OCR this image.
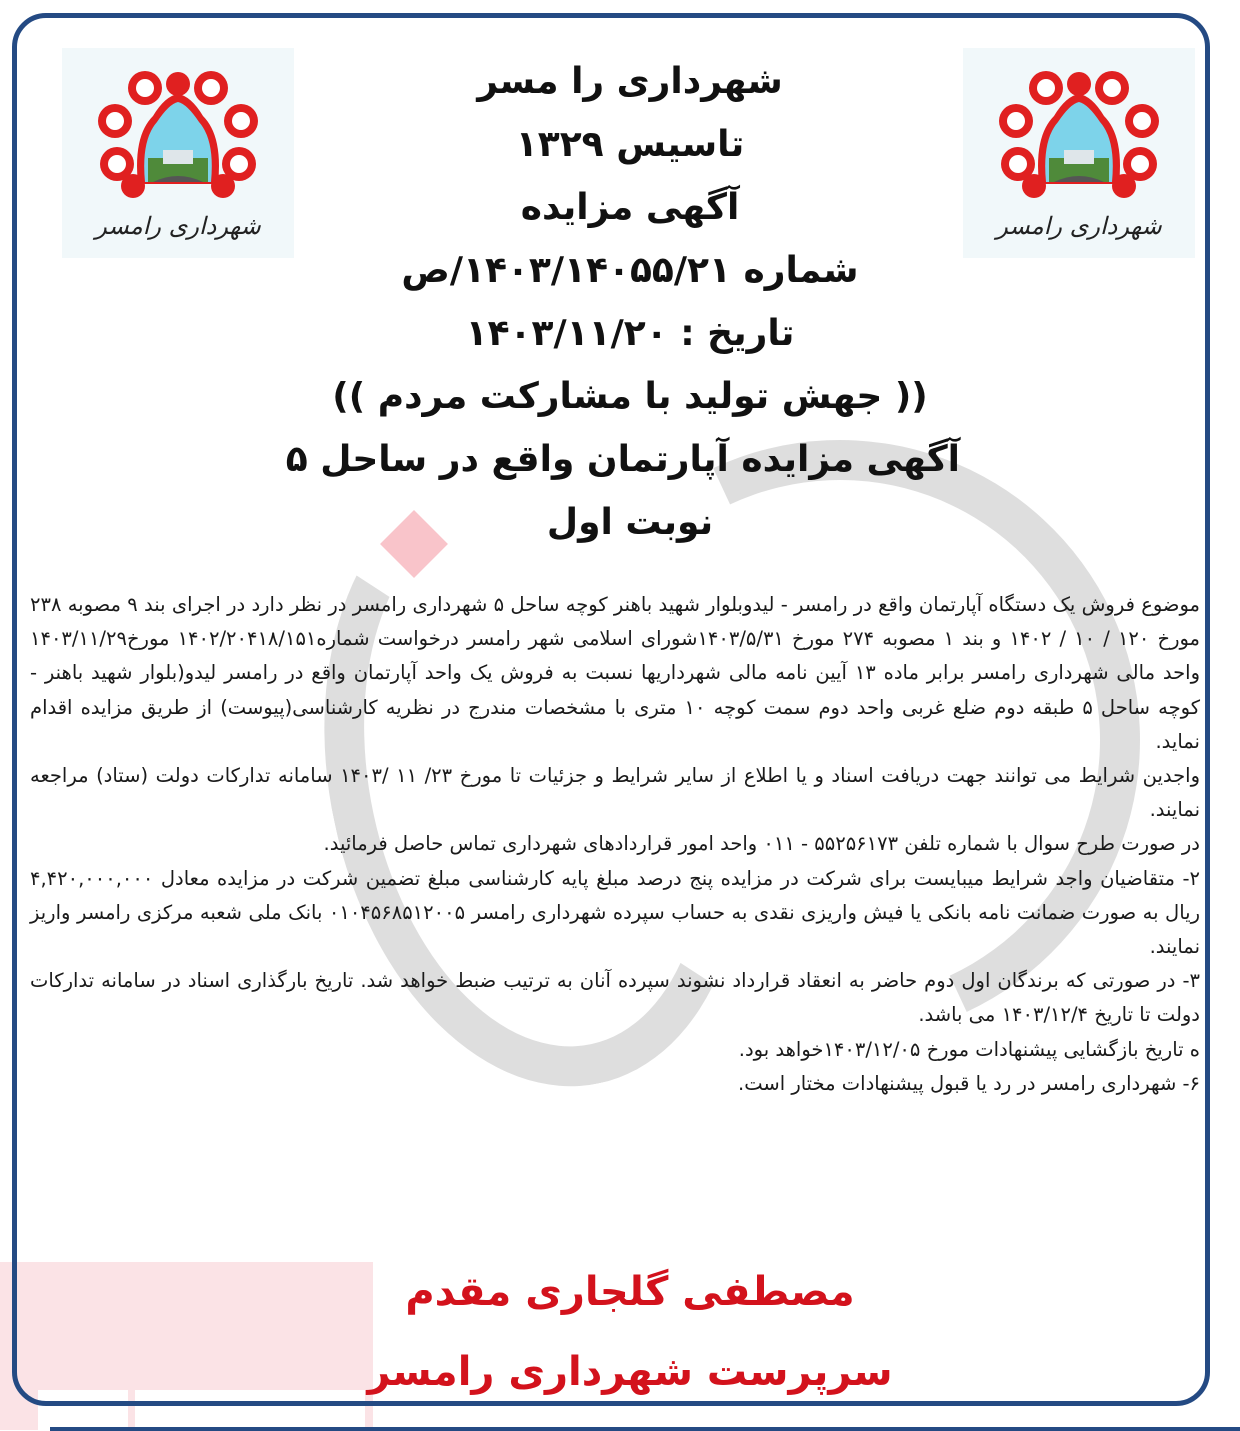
شهرداری رامسر	شهرداری رامسر
شهرداری را مسر
تاسیس ۱۳۲۹
آگهی مزایده
شماره ۱۴۰۳/۱۴۰۵۵/۲۱/ص
تاریخ : ۱۴۰۳/۱۱/۲۰
(( جهش تولید با مشارکت مردم ))
آگهی مزایده آپارتمان واقع در ساحل ۵
نوبت اول

موضوع فروش یک دستگاه آپارتمان واقع در رامسر - لیدوبلوار شهید باهنر کوچه ساحل ۵ شهرداری رامسر در نظر دارد در اجرای بند ۹ مصوبه ۲۳۸ مورخ ۱۲۰ / ۱۰ / ۱۴۰۲ و بند ۱ مصوبه ۲۷۴ مورخ ۱۴۰۳/۵/۳۱شورای اسلامی شهر رامسر درخواست شماره۱۴۰۲/۲۰۴۱۸/۱۵۱ مورخ۱۴۰۳/۱۱/۲۹ واحد مالی شهرداری رامسر برابر ماده ۱۳ آیین نامه مالی شهرداریها نسبت به فروش یک واحد آپارتمان واقع در رامسر لیدو(بلوار شهید باهنر - کوچه ساحل ۵ طبقه دوم ضلع غربی واحد دوم سمت کوچه ۱۰ متری با مشخصات مندرج در نظریه کارشناسی(پیوست) از طریق مزایده اقدام نماید.

واجدین شرایط می توانند جهت دریافت اسناد و یا اطلاع از سایر شرایط و جزئیات تا مورخ ۲۳/ ۱۱ /۱۴۰۳ سامانه تدارکات دولت (ستاد) مراجعه نمایند.

در صورت طرح سوال با شماره تلفن ۵۵۲۵۶۱۷۳ - ۰۱۱ واحد امور قراردادهای شهرداری تماس حاصل فرمائید.

۲- متقاضیان واجد شرایط میبایست برای شرکت در مزایده پنج درصد مبلغ پایه کارشناسی مبلغ تضمین شرکت در مزایده معادل ۴,۴۲۰,۰۰۰,۰۰۰ ریال به صورت ضمانت نامه بانکی یا فیش واریزی نقدی به حساب سپرده شهرداری رامسر ۰۱۰۴۵۶۸۵۱۲۰۰۵ بانک ملی شعبه مرکزی رامسر واریز نمایند.

۳- در صورتی که برندگان اول دوم حاضر به انعقاد قرارداد نشوند سپرده آنان به ترتیب ضبط خواهد شد. تاریخ بارگذاری اسناد در سامانه تدارکات دولت تا تاریخ ۱۴۰۳/۱۲/۴ می باشد.

ه تاریخ بازگشایی پیشنهادات مورخ ۱۴۰۳/۱۲/۰۵خواهد بود.

۶- شهرداری رامسر در رد یا قبول پیشنهادات مختار است.

مصطفی گلجاری مقدم
سرپرست شهرداری رامسر
